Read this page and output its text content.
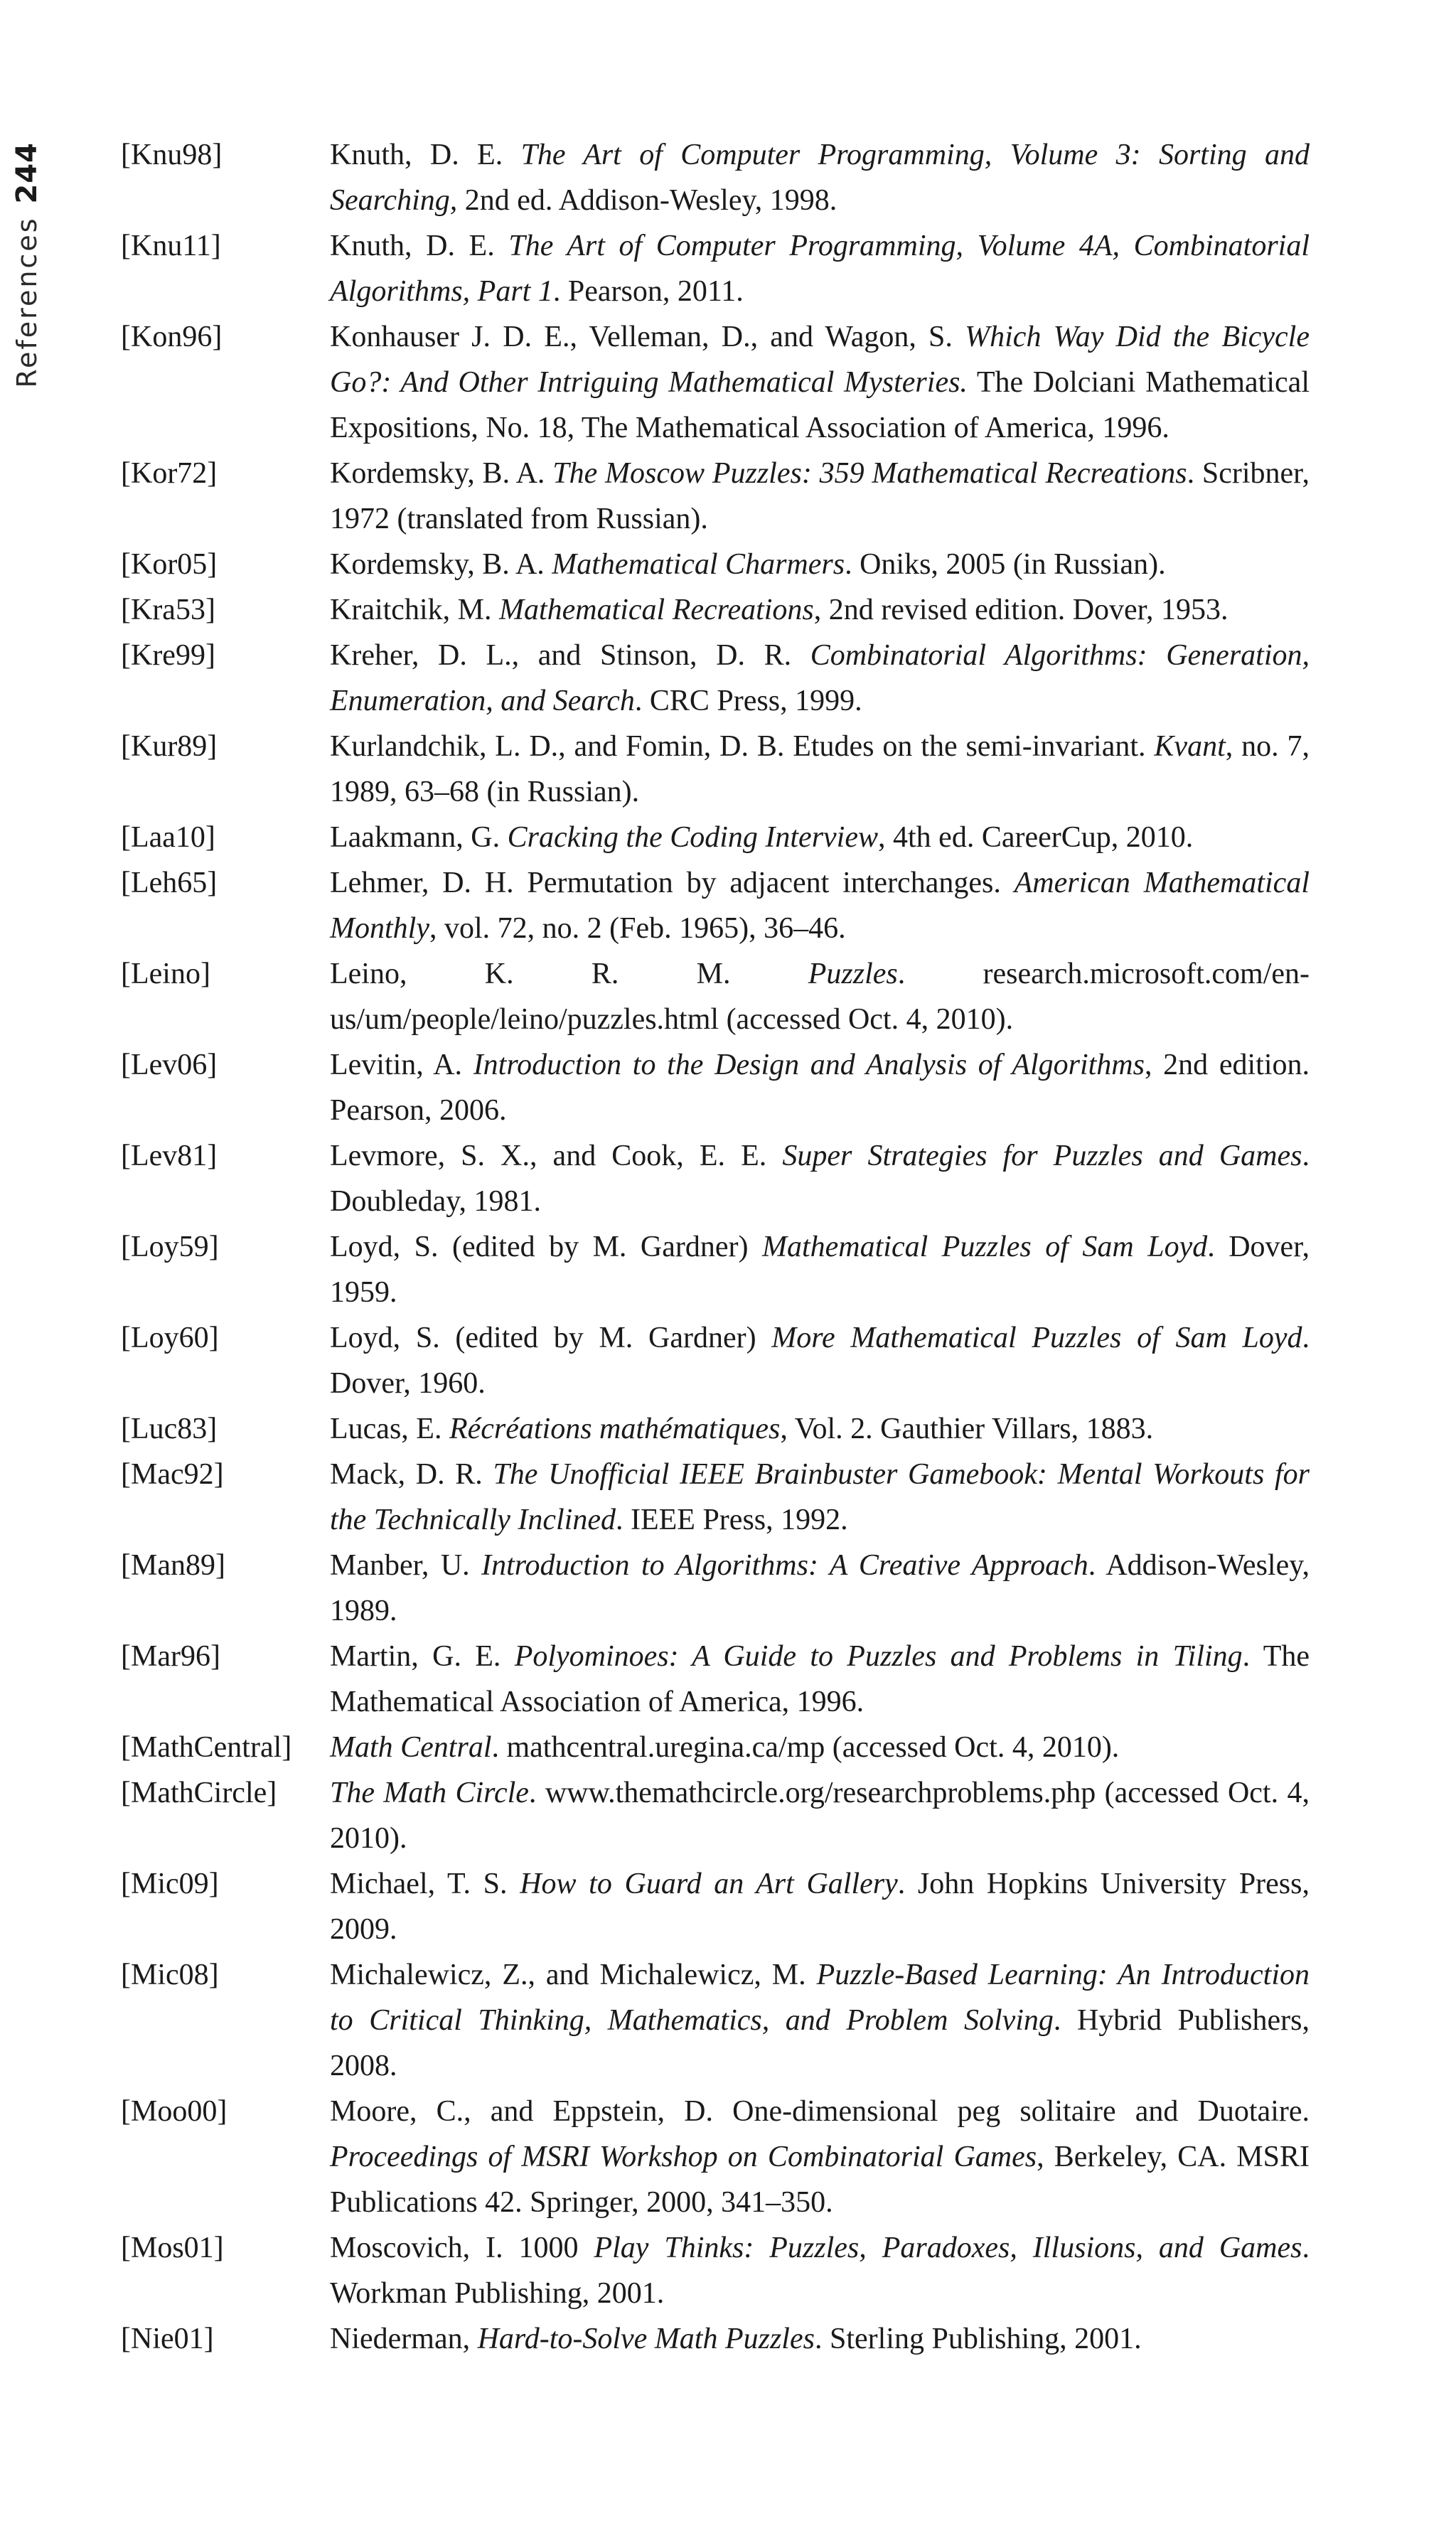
References
244	[Knu98]	Knuth, D. E. The Art of Computer Programming, Volume 3: Sorting and Searching, 2nd ed. Addison-Wesley, 1998.
[Knu11]	Knuth, D. E. The Art of Computer Programming, Volume 4A, Combinatorial Algorithms, Part 1. Pearson, 2011.
[Kon96]	Konhauser J. D. E., Velleman, D., and Wagon, S. Which Way Did the Bicycle Go?: And Other Intriguing Mathematical Mysteries. The Dolciani Mathematical Expositions, No. 18, The Mathematical Association of America, 1996.
[Kor72]	Kordemsky, B. A. The Moscow Puzzles: 359 Mathematical Recreations. Scribner, 1972 (translated from Russian).
[Kor05]	Kordemsky, B. A. Mathematical Charmers. Oniks, 2005 (in Russian).
[Kra53]	Kraitchik, M. Mathematical Recreations, 2nd revised edition. Dover, 1953.
[Kre99]	Kreher, D. L., and Stinson, D. R. Combinatorial Algorithms: Generation, Enumeration, and Search. CRC Press, 1999.
[Kur89]	Kurlandchik, L. D., and Fomin, D. B. Etudes on the semi-invariant. Kvant, no. 7, 1989, 63–68 (in Russian).
[Laa10]	Laakmann, G. Cracking the Coding Interview, 4th ed. CareerCup, 2010.
[Leh65]	Lehmer, D. H. Permutation by adjacent interchanges. American Mathematical Monthly, vol. 72, no. 2 (Feb. 1965), 36–46.
[Leino]	Leino, K. R. M. Puzzles. research.microsoft.com/en-us/um/people/leino/puzzles.html (accessed Oct. 4, 2010).
[Lev06]	Levitin, A. Introduction to the Design and Analysis of Algorithms, 2nd edition. Pearson, 2006.
[Lev81]	Levmore, S. X., and Cook, E. E. Super Strategies for Puzzles and Games. Doubleday, 1981.
[Loy59]	Loyd, S. (edited by M. Gardner) Mathematical Puzzles of Sam Loyd. Dover, 1959.
[Loy60]	Loyd, S. (edited by M. Gardner) More Mathematical Puzzles of Sam Loyd. Dover, 1960.
[Luc83]	Lucas, E. Récréations mathématiques, Vol. 2. Gauthier Villars, 1883.
[Mac92]	Mack, D. R. The Unofficial IEEE Brainbuster Gamebook: Mental Workouts for the Technically Inclined. IEEE Press, 1992.
[Man89]	Manber, U. Introduction to Algorithms: A Creative Approach. Addison-Wesley, 1989.
[Mar96]	Martin, G. E. Polyominoes: A Guide to Puzzles and Problems in Tiling. The Mathematical Association of America, 1996.
[MathCentral]	Math Central. mathcentral.uregina.ca/mp (accessed Oct. 4, 2010).
[MathCircle]	The Math Circle. www.themathcircle.org/researchproblems.php (accessed Oct. 4, 2010).
[Mic09]	Michael, T. S. How to Guard an Art Gallery. John Hopkins University Press, 2009.
[Mic08]	Michalewicz, Z., and Michalewicz, M. Puzzle-Based Learning: An Introduction to Critical Thinking, Mathematics, and Problem Solving. Hybrid Publishers, 2008.
[Moo00]	Moore, C., and Eppstein, D. One-dimensional peg solitaire and Duotaire. Proceedings of MSRI Workshop on Combinatorial Games, Berkeley, CA. MSRI Publications 42. Springer, 2000, 341–350.
[Mos01]	Moscovich, I. 1000 Play Thinks: Puzzles, Paradoxes, Illusions, and Games. Workman Publishing, 2001.
[Nie01]	Niederman, Hard-to-Solve Math Puzzles. Sterling Publishing, 2001.
